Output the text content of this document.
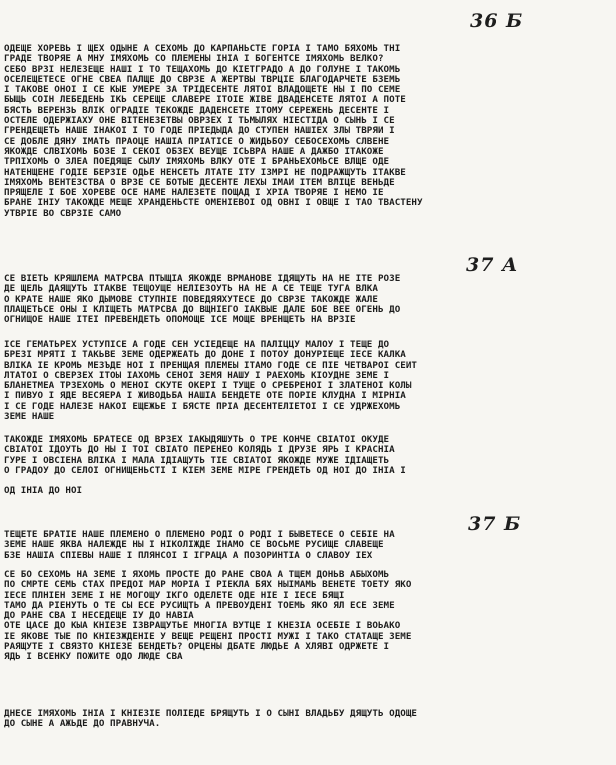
36 Б
37 А
37 Б
ОДЕЩЕ ХОРЕВЬ І ЩЕХ ОДЫНЕ А СЕХОМЬ ДО КАРПАНЬСТЕ ГОРІА І ТАМО БЯХОМЬ ТНІ
ГРАДЕ ТВОРЯЕ А МНУ ІМЯХОМЬ СО ПЛЕМЕНЫ ІНІА І БОГЕНТСЕ ІМЯХОМЬ ВЕЛКО?
СЕБО ВРЗІ НЕЛЕЗЕЩЕ НАШІ І ТО ТЕЩАХОМЬ ДО КІЕТГРАДО А ДО ГОЛУНЕ І ТАКОМЬ
ОСЕЛЕЩЕТЕСЕ ОГНЕ СВЕА ПАЛЩЕ ДО СВРЗЕ А ЖЕРТВЫ ТВРЦІЕ БЛАГОДАРЧЕТЕ БЗЕМЬ
І ТАКОВЕ ОНОІ І СЕ КЫЕ УМЕРЕ ЗА ТРІДЕСЕНТЕ ЛЯТОІ ВЛАДОЩЕТЕ НЫ І ПО СЕМЕ
БЫЩЬ СОІН ЛЕБЕДЕНЬ ІКЬ СЕРЕЩЕ СЛАВЕРЕ ІТОІЕ ЖІВЕ ДВАДЕНСЕТЕ ЛЯТОІ А ПОТЕ
БЯСТЬ ВЕРЕНЗЬ ВЛІК ОГРАДІЕ ТЕКОЖДЕ ДАДЕНСЕТЕ ІТОМУ СЕРЕЖЕНЬ ДЕСЕНТЕ І
ОСТЕЛЕ ОДЕРЖІАХУ ОНЕ ВІТЕНЕЗЕТВЫ ОВРЗЕХ І ТЬМЫЛЯХ НІЕСТІДА О СЫНЬ І СЕ
ГРЕНДЕЩЕТЬ НАШЕ ІНАКОІ І ТО ГОДЕ ПРІЕДЫДА ДО СТУПЕН НАШІЕХ ЗЛЫ ТВРЯЙ І
СЕ ДОБЛЕ ДЯНУ ІМАТЬ ПРАОЦЕ НАШІА ПРІАТІСЕ О ЖИДЬБОУ СЕБОСЕХОМЬ СЛВЕНЕ
ЯКОЖДЕ СЛВІХОМЬ БОЗЕ І СЕКОІ ОБЗЕХ ВЕУЩЕ ІСЬВРА НАШЕ А ДАЖБО ІТАКОЖЕ
ТРПІХОМЬ О ЗЛЕА ПОЕДЯЩЕ СЫЛУ ІМЯХОМЬ ВЛКУ ОТЕ І БРАНЬЕХОМЬСЕ ВЛЩЕ ОДЕ
НАТЕНЩЕНЕ ГОДІЕ БЕРЗІЕ ОДЬЕ НЕНСЕТЬ ЛТАТЕ ІТУ ІЗМРІ НЕ ПОДРАЖЩУТЬ ІТАКВЕ
ІМЯХОМЬ ВЕНТЕЗСТВА О ВРЗЕ СЕ БОТЫЕ ДЕСЕНТЕ ЛЕХЫ ІМАЙ ІТЕМ ВЛІЦЕ ВЕНЬДЕ
ПРЯЩЕЛЕ І БОЕ ХОРЕВЕ ОСЕ НАМЕ НАЛЕЗЕТЕ ПОЩАД І ХРІА ТВОРЯЕ І НЕМО ІЕ
БРАНЕ ІНІУ ТАКОЖДЕ МЕЩЕ ХРАНДЕНЬСТЕ ОМЕНІЕВОІ ОД ОВНІ І ОВЩЕ І ТАО ТВАСТЕНУ
УТВРІЕ ВО СВРЗІЕ САМО
СЕ ВІЕТЬ КРЯШЛЕМА МАТРСВА ПТЫЩІА ЯКОЖДЕ ВРМАНОВЕ ІДЯЩУТЬ НА НЕ ІТЕ РОЗЕ
ДЕ ЩЕЛЬ ДАЯЩУТЬ ІТАКВЕ ТЕЩОУЩЕ НЕЛІЕЗОУТЬ НА НЕ А СЕ ТЕЩЕ ТУГА ВЛКА
О КРАТЕ НАШЕ ЯКО ДЫМОВЕ СТУПНІЕ ПОВЕДЯЯХУТЕСЕ ДО СВРЗЕ ТАКОЖДЕ ЖАЛЕ
ПЛАЩЕТЬСЕ ОНЫ І КЛІЩЕТЬ МАТРСВА ДО ВЩНІЕГО ІАКВЫЕ ДАЛЕ БОЕ ВЕЕ ОГЕНЬ ДО
ОГНИЩОЕ НАШЕ ІТЕІ ПРЕВЕНДЕТЬ ОПОМОЩЕ ІСЕ МОЩЕ ВРЕНЩЕТЬ НА ВРЗІЕ
ІСЕ ГЕМАТЬРЕХ УСТУПІСЕ А ГОДЕ СЕН УСІЕДЕЩЕ НА ПАЛІЦЦУ МАЛОУ І ТЕЩЕ ДО
БРЕЗІ МРЯТІ І ТАКЬВЕ ЗЕМЕ ОДЕРЖЕАТЬ ДО ДОНЕ І ПОТОУ ДОНУРІЕЩЕ ІЕСЕ КАЛКА
ВЛІКА ІЕ КРОМЬ МЕЗЪДЕ НОІ І ПРЕНЩАЯ ПЛЕМЕЫ ІТАМО ГОДЕ СЕ ПІЕ ЧЕТВАРОІ СЕЙТ
ЛТАТОІ О СВЕРЗЕХ ІТОЫ ІАХОМЬ СЕНОІ ЗЕМЯ НАШУ І РАЕХОМЬ КІОУДНЕ ЗЕМЕ І
БЛАНЕТМЕА ТРЗЕХОМЬ О МЕНОІ СКУТЕ ОКЕРІ І ТУЩЕ О СРЕБРЕНОІ І ЗЛАТЕНОІ КОЛЫ
І ПИВУО І ЯДЕ ВЕСЯЕРА І ЖИВОДЬБА НАШІА БЕНДЕТЕ ОТЕ ПОРІЕ КЛУДНА І МІРНІА
І СЕ ГОДЕ НАЛЕЗЕ НАКОІ ЕЩЕЖЬЕ І БЯСТЕ ПРІА ДЕСЕНТЕЛІЕТОІ І СЕ УДРЖЕХОМЬ
ЗЕМЕ НАШЕ
ТАКОЖДЕ ІМЯХОМЬ БРАТЕСЕ ОД ВРЗЕХ ІАКЫДЯШУТЬ О ТРЕ КОНЧЕ СВІАТОІ ОКУДЕ
СВІАТОІ ІДОУТЬ ДО НЫ І ТОІ СВІАТО ПЕРЕНЕО КОЛЯДЬ І ДРУЗЕ ЯРЬ І КРАСНІА
ГУРЕ І ОВСІЕНА ВЛІКА І МАЛА ІДІАЩУТЬ ТІЕ СВІАТОІ ЯКОЖДЕ МУЖЕ ІДІАЩЕТЬ
О ГРАДОУ ДО СЕЛОІ ОГНИЩЕНЬСТІ І КІЕМ ЗЕМЕ МІРЕ ГРЕНДЕТЬ ОД НОІ ДО ІНІА І
ОД ІНІА ДО НОІ
ТЕЩЕТЕ БРАТІЕ НАШЕ ПЛЕМЕНО О ПЛЕМЕНО РОДІ О РОДІ І БЫВЕТЕСЕ О СЕБІЕ НА
ЗЕМЕ НАШЕ ЯКВА НАЛЕЖДЕ НЫ І НІКОЛІЖДЕ ІНАМО СЕ ВОСЬМЕ РУСИЩЕ СЛАВЕЩЕ
БЗЕ НАШІА СПІЕВЫ НАШЕ І ПЛЯНСОІ І ІГРАЦА А ПОЗОРИНТІА О СЛАВОУ ІЕХ
СЕ БО СЕХОМЬ НА ЗЕМЕ І ЯХОМЬ ПРОСТЕ ДО РАНЕ СВОА А ТЩЕМ ДОНЬВ АБЫХОМЬ
ПО СМРТЕ СЕМЬ СТАХ ПРЕДОІ МАР МОРІА І РІЕКЛА БЯХ НЫІМАМЬ ВЕНЕТЕ ТОЕТУ ЯКО
ІЕСЕ ПЛНІЕН ЗЕМЕ І НЕ МОГОЩУ ІКГО ОДЕЛЕТЕ ОДЕ НІЕ І ІЕСЕ БЯЩІ
ТАМО ДА РІЕНУТЬ О ТЕ СЫ ЕСЕ РУСИЩТЬ А ПРЕВОУДЕНІ ТОЕМЬ ЯКО ЯЛ ЕСЕ ЗЕМЕ
ДО РАНЕ СВА І НЕСЕДЕЩЕ ІУ ДО НАВІА
ОТЕ ЦАСЕ ДО КЫА КНІЕЗЕ ІЗВРАЩУТЬЕ МНОГІА ВУТЦЕ І КНЕЗІА ОСЕБІЕ І ВОЬАКО
ІЕ ЯКОВЕ ТЫЕ ПО КНІЕЗЖДЕНІЕ У ВЕЩЕ РЕЩЕНІ ПРОСТІ МУЖІ І ТАКО СТАТАЩЕ ЗЕМЕ
РАЯЩУТЕ І СВЯЗТО КНІЕЗЕ БЕНДЕТЬ? ОРЦЕНЫ ДБАТЕ ЛЮДЬЕ А ХЛЯВІ ОДРЖЕТЕ І
ЯДЬ І ВСЕНКУ ПОЖИТЕ ОДО ЛЮДЕ СВА
ДНЕСЕ ІМЯХОМЬ ІНІА І КНІЕЗІЕ ПОЛІЕДЕ БРЯЩУТЬ І О СЫНІ ВЛАДЬБУ ДЯЩУТЬ ОДОЩЕ
ДО СЫНЕ А АЖЬДЕ ДО ПРАВНУЧА.
